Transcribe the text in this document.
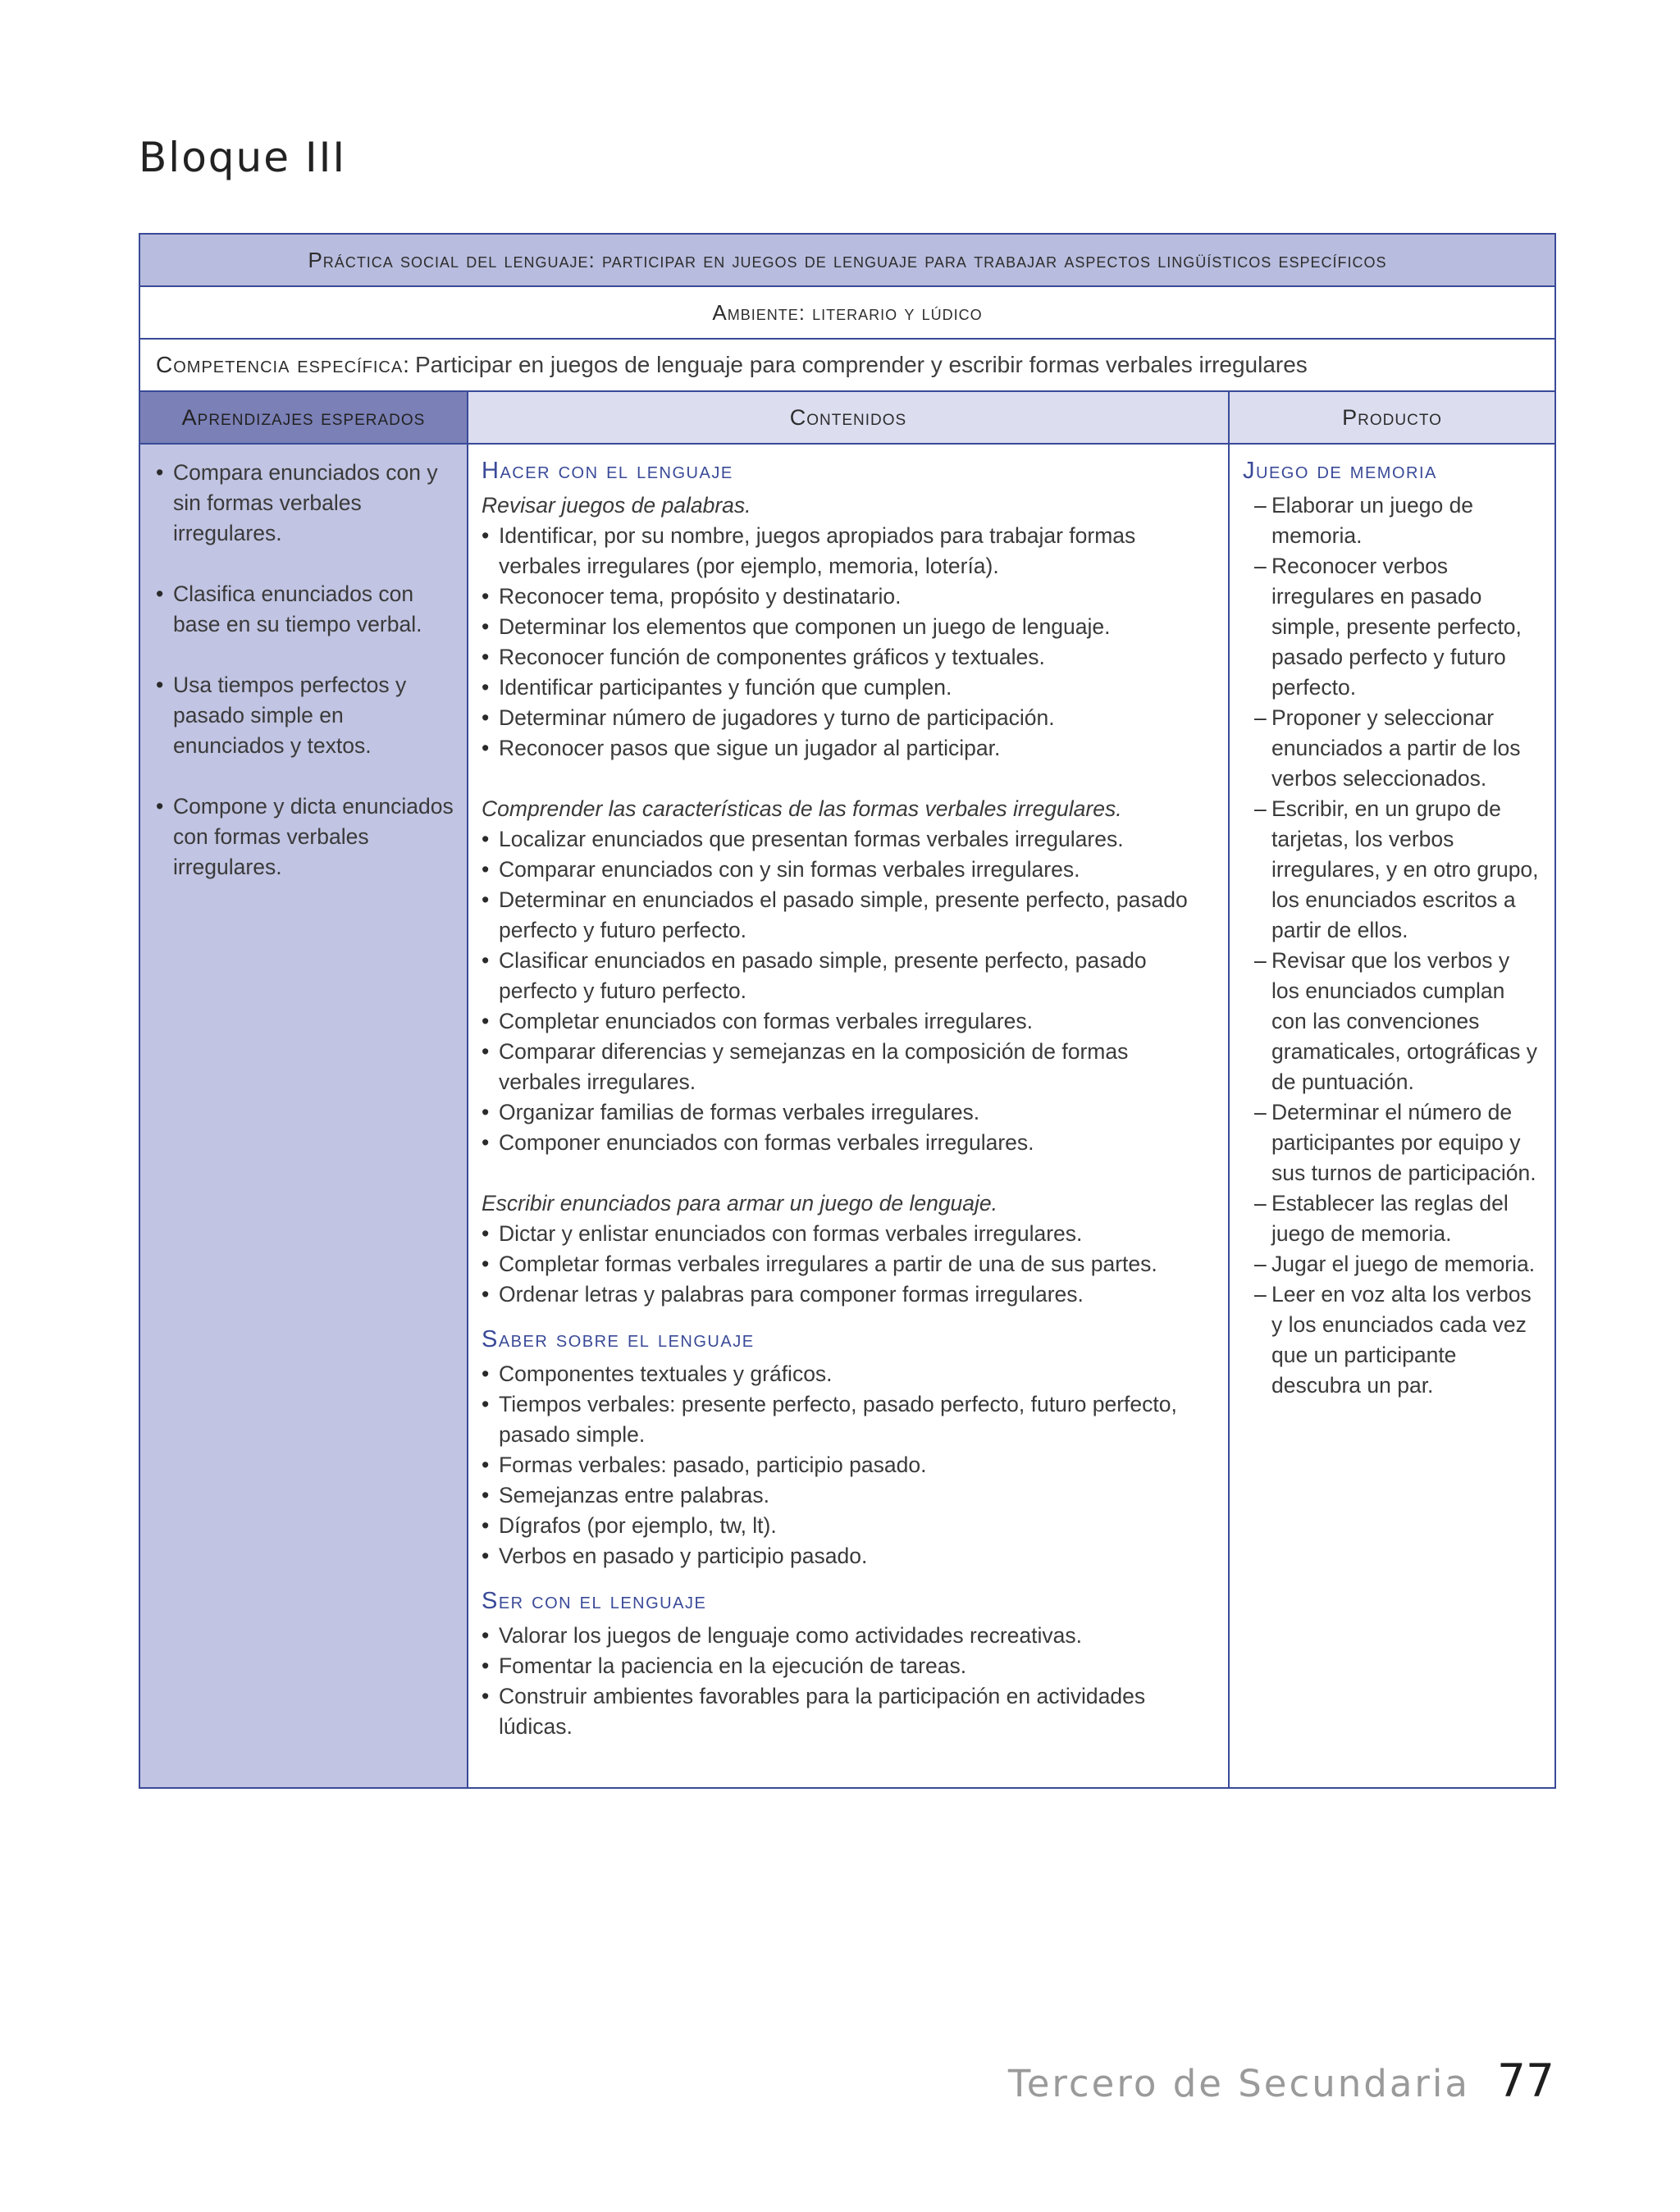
Bloque III
Práctica social del lenguaje: participar en juegos de lenguaje para trabajar aspectos lingüísticos específicos
Ambiente: literario y lúdico
Competencia específica: Participar en juegos de lenguaje para comprender y escribir formas verbales irregulares
Aprendizajes esperados
• Compara enunciados con y sin formas verbales irregulares.
• Clasifica enunciados con base en su tiempo verbal.
• Usa tiempos perfectos y pasado simple en enunciados y textos.
• Compone y dicta enunciados con formas verbales irregulares.
Contenidos
Hacer con el lenguaje
Revisar juegos de palabras.
• Identificar, por su nombre, juegos apropiados para trabajar formas verbales irregulares (por ejemplo, memoria, lotería).
• Reconocer tema, propósito y destinatario.
• Determinar los elementos que componen un juego de lenguaje.
• Reconocer función de componentes gráficos y textuales.
• Identificar participantes y función que cumplen.
• Determinar número de jugadores y turno de participación.
• Reconocer pasos que sigue un jugador al participar.
Comprender las características de las formas verbales irregulares.
• Localizar enunciados que presentan formas verbales irregulares.
• Comparar enunciados con y sin formas verbales irregulares.
• Determinar en enunciados el pasado simple, presente perfecto, pasado perfecto y futuro perfecto.
• Clasificar enunciados en pasado simple, presente perfecto, pasado perfecto y futuro perfecto.
• Completar enunciados con formas verbales irregulares.
• Comparar diferencias y semejanzas en la composición de formas verbales irregulares.
• Organizar familias de formas verbales irregulares.
• Componer enunciados con formas verbales irregulares.
Escribir enunciados para armar un juego de lenguaje.
• Dictar y enlistar enunciados con formas verbales irregulares.
• Completar formas verbales irregulares a partir de una de sus partes.
• Ordenar letras y palabras para componer formas irregulares.
Saber sobre el lenguaje
• Componentes textuales y gráficos.
• Tiempos verbales: presente perfecto, pasado perfecto, futuro perfecto, pasado simple.
• Formas verbales: pasado, participio pasado.
• Semejanzas entre palabras.
• Dígrafos (por ejemplo, tw, lt).
• Verbos en pasado y participio pasado.
Ser con el lenguaje
• Valorar los juegos de lenguaje como actividades recreativas.
• Fomentar la paciencia en la ejecución de tareas.
• Construir ambientes favorables para la participación en actividades lúdicas.
Producto
Juego de memoria
– Elaborar un juego de memoria.
– Reconocer verbos irregulares en pasado simple, presente perfecto, pasado perfecto y futuro perfecto.
– Proponer y seleccionar enunciados a partir de los verbos seleccionados.
– Escribir, en un grupo de tarjetas, los verbos irregulares, y en otro grupo, los enunciados escritos a partir de ellos.
– Revisar que los verbos y los enunciados cumplan con las convenciones gramaticales, ortográficas y de puntuación.
– Determinar el número de participantes por equipo y sus turnos de participación.
– Establecer las reglas del juego de memoria.
– Jugar el juego de memoria.
– Leer en voz alta los verbos y los enunciados cada vez que un participante descubra un par.
Tercero de Secundaria 77
